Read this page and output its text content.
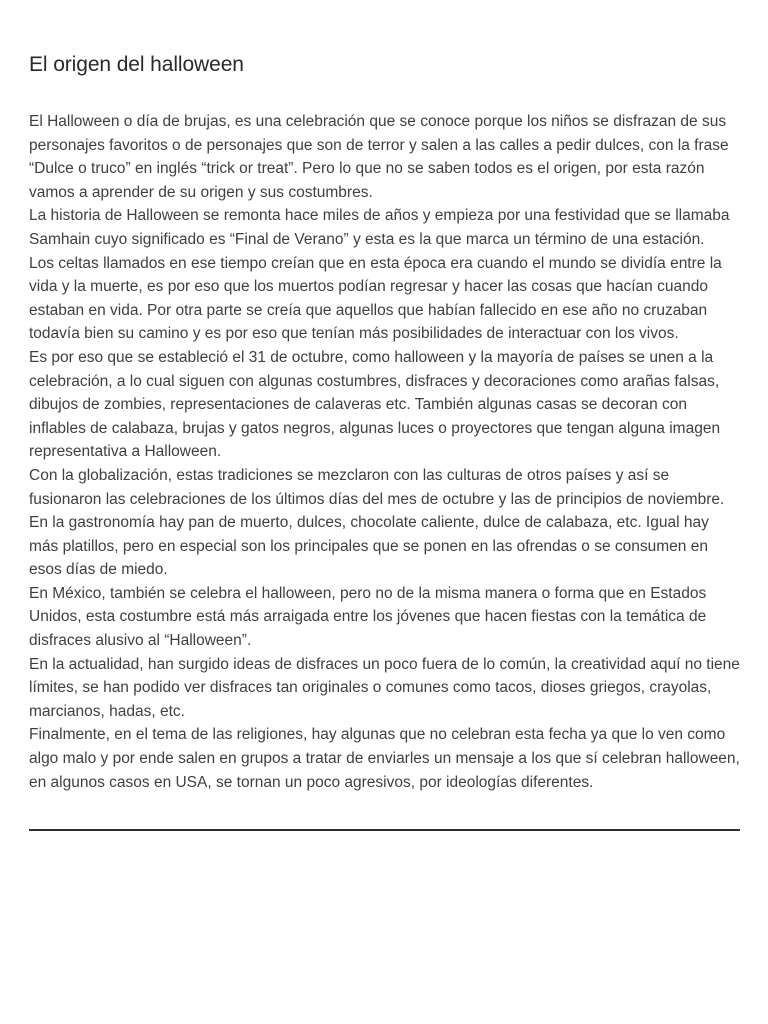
El origen del halloween

El Halloween o día de brujas, es una celebración que se conoce porque los niños se disfrazan de sus personajes favoritos o de personajes que son de terror y salen a las calles a pedir dulces, con la frase “Dulce o truco” en inglés “trick or treat”. Pero lo que no se saben todos es el origen, por esta razón vamos a aprender de su origen y sus costumbres.

La historia de Halloween se remonta hace miles de años y empieza por una festividad que se llamaba Samhain cuyo significado es “Final de Verano” y esta es la que marca un término de una estación.

Los celtas llamados en ese tiempo creían que en esta época era cuando el mundo se dividía entre la vida y la muerte, es por eso que los muertos podían regresar y hacer las cosas que hacían cuando estaban en vida. Por otra parte se creía que aquellos que habían fallecido en ese año no cruzaban todavía bien su camino y es por eso que tenían más posibilidades de interactuar con los vivos.

Es por eso que se estableció el 31 de octubre, como halloween y la mayoría de países se unen a la celebración, a lo cual siguen con algunas costumbres, disfraces y decoraciones como arañas falsas, dibujos de zombies, representaciones de calaveras etc. También algunas casas se decoran con inflables de calabaza, brujas y gatos negros, algunas luces o proyectores que tengan alguna imagen representativa a Halloween.

Con la globalización, estas tradiciones se mezclaron con las culturas de otros países y así se fusionaron las celebraciones de los últimos días del mes de octubre y las de principios de noviembre. En la gastronomía hay pan de muerto, dulces, chocolate caliente, dulce de calabaza, etc. Igual hay más platillos, pero en especial son los principales que se ponen en las ofrendas o se consumen en esos días de miedo.

En México, también se celebra el halloween, pero no de la misma manera o forma que en Estados Unidos, esta costumbre está más arraigada entre los jóvenes que hacen fiestas con la temática de disfraces alusivo al “Halloween”.

En la actualidad, han surgido ideas de disfraces un poco fuera de lo común, la creatividad aquí no tiene límites, se han podido ver disfraces tan originales o comunes como tacos, dioses griegos, crayolas, marcianos, hadas, etc.

Finalmente, en el tema de las religiones, hay algunas que no celebran esta fecha ya que lo ven como algo malo y por ende salen en grupos a tratar de enviarles un mensaje a los que sí celebran halloween, en algunos casos en USA, se tornan un poco agresivos, por ideologías diferentes.
